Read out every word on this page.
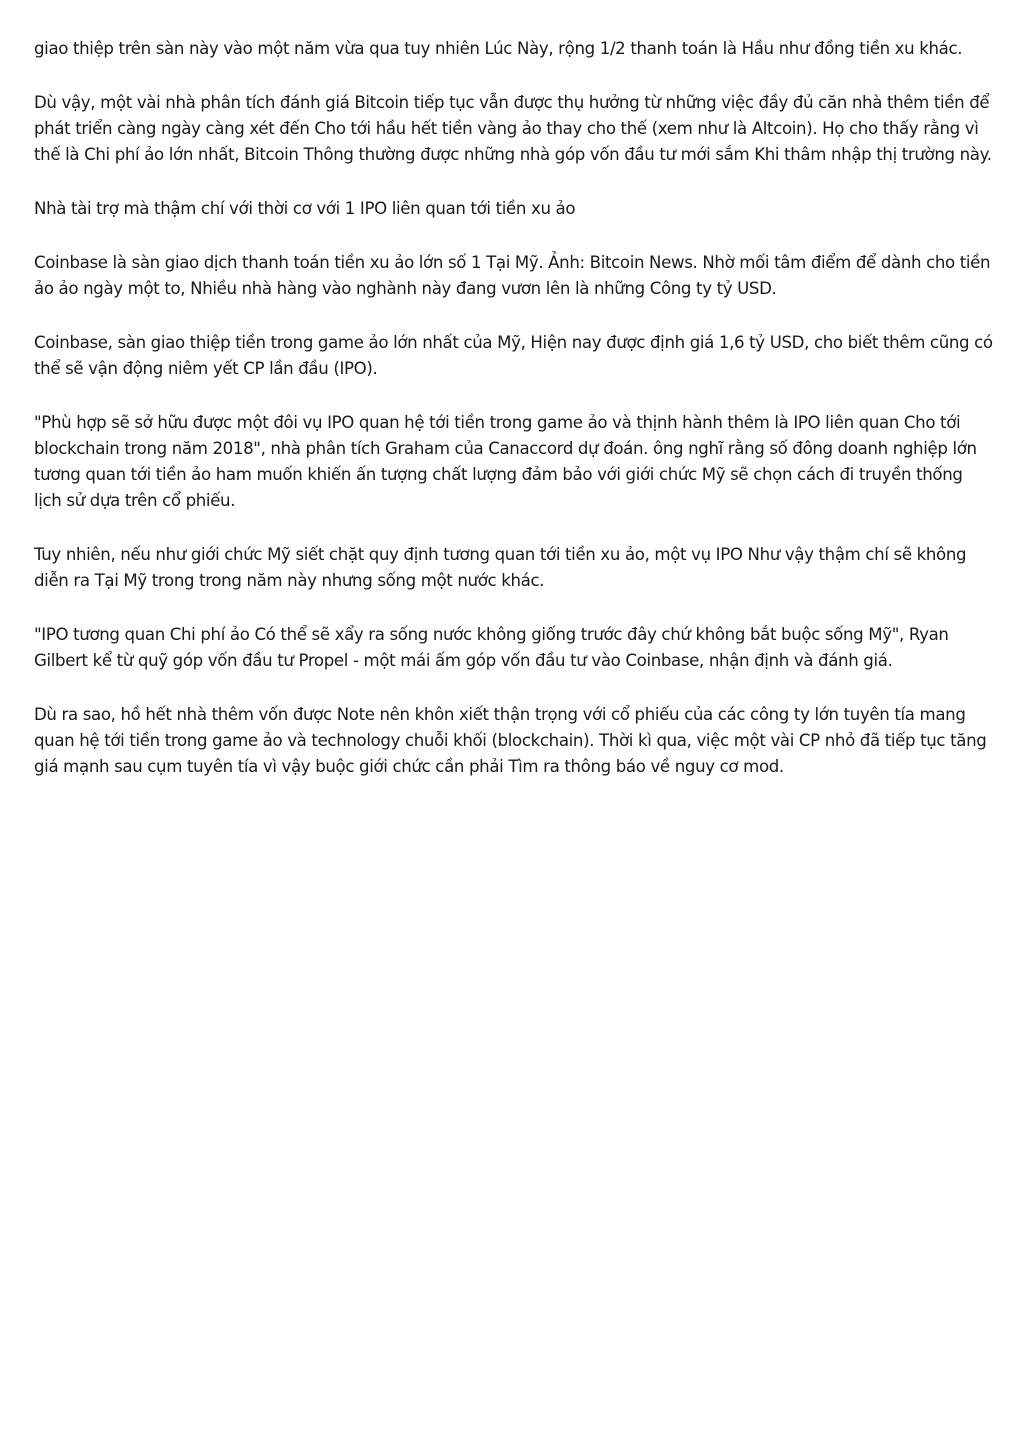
giao thiệp trên sàn này vào một năm vừa qua tuy nhiên Lúc Này, rộng 1/2 thanh toán là Hầu như đồng tiền xu khác.

Dù vậy, một vài nhà phân tích đánh giá Bitcoin tiếp tục vẫn được thụ hưởng từ những việc đầy đủ căn nhà thêm tiền để phát triển càng ngày càng xét đến Cho tới hầu hết tiền vàng ảo thay cho thế (xem như là Altcoin). Họ cho thấy rằng vì thế là Chi phí ảo lớn nhất, Bitcoin Thông thường được những nhà góp vốn đầu tư mới sắm Khi thâm nhập thị trường này.

Nhà tài trợ mà thậm chí với thời cơ với 1 IPO liên quan tới tiền xu ảo

Coinbase là sàn giao dịch thanh toán tiền xu ảo lớn số 1 Tại Mỹ. Ảnh: Bitcoin News. Nhờ mối tâm điểm để dành cho tiền ảo ảo ngày một to, Nhiều nhà hàng vào nghành này đang vươn lên là những Công ty tỷ USD.

Coinbase, sàn giao thiệp tiền trong game ảo lớn nhất của Mỹ, Hiện nay được định giá 1,6 tỷ USD, cho biết thêm cũng có thể sẽ vận động niêm yết CP lần đầu (IPO).

"Phù hợp sẽ sở hữu được một đôi vụ IPO quan hệ tới tiền trong game ảo và thịnh hành thêm là IPO liên quan Cho tới blockchain trong năm 2018", nhà phân tích Graham của Canaccord dự đoán. ông nghĩ rằng số đông doanh nghiệp lớn tương quan tới tiền ảo ham muốn khiến ấn tượng chất lượng đảm bảo với giới chức Mỹ sẽ chọn cách đi truyền thống lịch sử dựa trên cổ phiếu.

Tuy nhiên, nếu như giới chức Mỹ siết chặt quy định tương quan tới tiền xu ảo, một vụ IPO Như vậy thậm chí sẽ không diễn ra Tại Mỹ trong trong năm này nhưng sống một nước khác.

"IPO tương quan Chi phí ảo Có thể sẽ xẩy ra sống nước không giống trước đây chứ không bắt buộc sống Mỹ", Ryan Gilbert kể từ quỹ góp vốn đầu tư Propel - một mái ấm góp vốn đầu tư vào Coinbase, nhận định và đánh giá.

Dù ra sao, hồ hết nhà thêm vốn được Note nên khôn xiết thận trọng với cổ phiếu của các công ty lớn tuyên tía mang quan hệ tới tiền trong game ảo và technology chuỗi khối (blockchain). Thời kì qua, việc một vài CP nhỏ đã tiếp tục tăng giá mạnh sau cụm tuyên tía vì vậy buộc giới chức cần phải Tìm ra thông báo về nguy cơ mod.
